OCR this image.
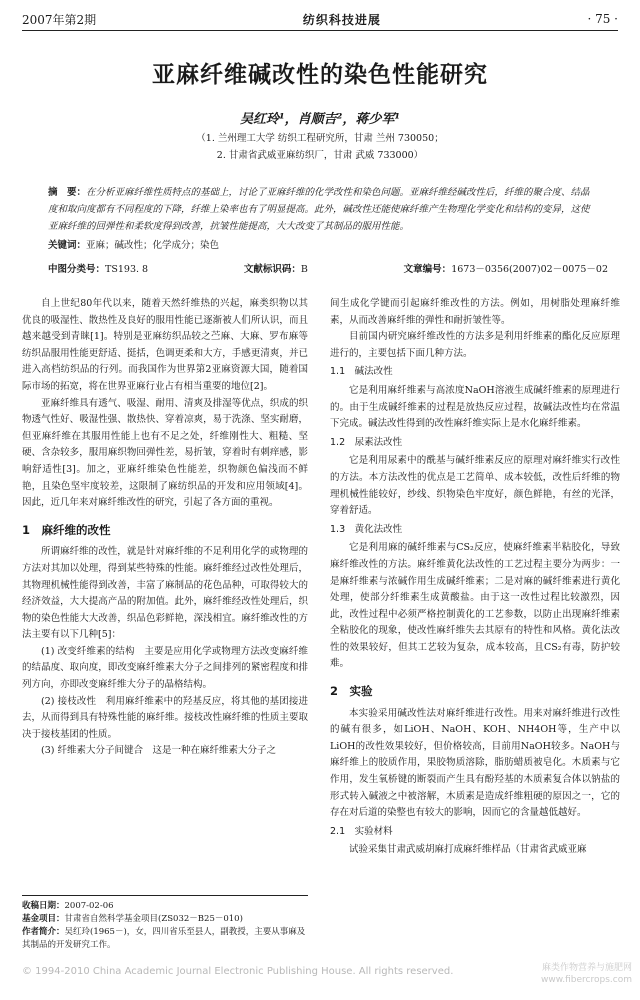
2007年第2期	纺织科技进展	· 75 ·
亚麻纤维碱改性的染色性能研究
吴红玲¹，肖顺吉²，蒋少军¹
（1. 兰州理工大学 纺织工程研究所，甘肃 兰州 730050；
2. 甘肃省武威亚麻纺织厂，甘肃 武威 733000）
摘　要：在分析亚麻纤维性质特点的基础上，讨论了亚麻纤维的化学改性和染色问题。亚麻纤维经碱改性后，纤维的聚合度、结晶度和取向度都有不同程度的下降，纤维上染率也有了明显提高。此外，碱改性还能使麻纤维产生物理化学变化和结构的变异，这使亚麻纤维的回弹性和柔软度得到改善，抗皱性能提高，大大改变了其制品的服用性能。
关键词：亚麻；碱改性；化学成分；染色
中图分类号：TS193. 8	文献标识码：B	文章编号：1673－0356(2007)02－0075－02

自上世纪80年代以来，随着天然纤维热的兴起，麻类织物以其优良的吸湿性、散热性及良好的服用性能已逐渐被人们所认识，而且越来越受到青睐[1]。特别是亚麻纺织品较之苎麻、大麻、罗布麻等纺织品服用性能更舒适、挺括，色调更柔和大方，手感更清爽，并已进入高档纺织品的行列。而我国作为世界第2亚麻资源大国，随着国际市场的拓宽，将在世界亚麻行业占有相当重要的地位[2]。

亚麻纤维具有透气、吸湿、耐用、清爽及排湿等优点，织成的织物透气性好、吸湿性强、散热快、穿着凉爽，易于洗涤、坚实耐磨，但亚麻纤维在其服用性能上也有不足之处，纤维刚性大、粗糙、坚硬、含杂较多，服用麻织物回弹性差，易折皱，穿着时有刺痒感，影响舒适性[3]。加之，亚麻纤维染色性能差，织物颜色偏浅而不鲜艳，且染色坚牢度较差，这限制了麻纺织品的开发和应用领域[4]。因此，近几年来对麻纤维改性的研究，引起了各方面的重视。

1　麻纤维的改性

所谓麻纤维的改性，就是针对麻纤维的不足利用化学的或物理的方法对其加以处理，得到某些特殊的性能。麻纤维经过改性处理后，其物理机械性能得到改善，丰富了麻制品的花色品种，可取得较大的经济效益，大大提高产品的附加值。此外，麻纤维经改性处理后，织物的染色性能大大改善，织品色彩鲜艳，深浅相宜。麻纤维改性的方法主要有以下几种[5]：

(1) 改变纤维素的结构　主要是应用化学或物理方法改变麻纤维的结晶度、取向度，即改变麻纤维素大分子之间排列的紧密程度和排列方向，亦即改变麻纤维大分子的晶格结构。

(2) 接枝改性　利用麻纤维素中的羟基反应，将其他的基团接进去，从而得到具有特殊性能的麻纤维。接枝改性麻纤维的性质主要取决于接枝基团的性质。

(3) 纤维素大分子间键合　这是一种在麻纤维素大分子之

间生成化学键而引起麻纤维改性的方法。例如，用树脂处理麻纤维素，从而改善麻纤维的弹性和耐折皱性等。

目前国内研究麻纤维改性的方法多是利用纤维素的酯化反应原理进行的，主要包括下面几种方法。

1.1　碱法改性

它是利用麻纤维素与高浓度NaOH溶液生成碱纤维素的原理进行的。由于生成碱纤维素的过程是放热反应过程，故碱法改性均在常温下完成。碱法改性得到的改性麻纤维实际上是水化麻纤维素。

1.2　尿素法改性

它是利用尿素中的酰基与碱纤维素反应的原理对麻纤维实行改性的方法。本方法改性的优点是工艺简单、成本较低，改性后纤维的物理机械性能较好，纱线、织物染色牢度好，颜色鲜艳，有丝的光泽，穿着舒适。

1.3　黄化法改性

它是利用麻的碱纤维素与CS₂反应，使麻纤维素半粘胶化，导致麻纤维改性的方法。麻纤维黄化法改性的工艺过程主要分为两步：一是麻纤维素与浓碱作用生成碱纤维素；二是对麻的碱纤维素进行黄化处理，使部分纤维素生成黄酸盐。由于这一改性过程比较激烈，因此，改性过程中必须严格控制黄化的工艺参数，以防止出现麻纤维素全粘胶化的现象，使改性麻纤维失去其原有的特性和风格。黄化法改性的效果较好，但其工艺较为复杂，成本较高，且CS₂有毒，防护较难。

2　实验

本实验采用碱改性法对麻纤维进行改性。用来对麻纤维进行改性的碱有很多，如LiOH、NaOH、KOH、NH4OH等，生产中以LiOH的改性效果较好，但价格较高，目前用NaOH较多。NaOH与麻纤维上的胶质作用，果胶物质溶除，脂肪蜡质被皂化。木质素与它作用，发生氧桥键的断裂而产生具有酚羟基的木质素复合体以钠盐的形式转入碱液之中被溶解，木质素是造成纤维粗硬的原因之一，它的存在对后道的染整也有较大的影响，因而它的含量越低越好。

2.1　实验材料

试验采集甘肃武威胡麻打成麻纤维样品（甘肃省武威亚麻

收稿日期：2007-02-06
基金项目：甘肃省自然科学基金项目(ZS032－B25－010)
作者简介：吴红玲(1965－)，女，四川省乐至县人，副教授，主要从事麻及其制品的开发研究工作。
© 1994-2010 China Academic Journal Electronic Publishing House. All rights reserved.	麻类作物营养与施肥网
www.fibercrops.com
